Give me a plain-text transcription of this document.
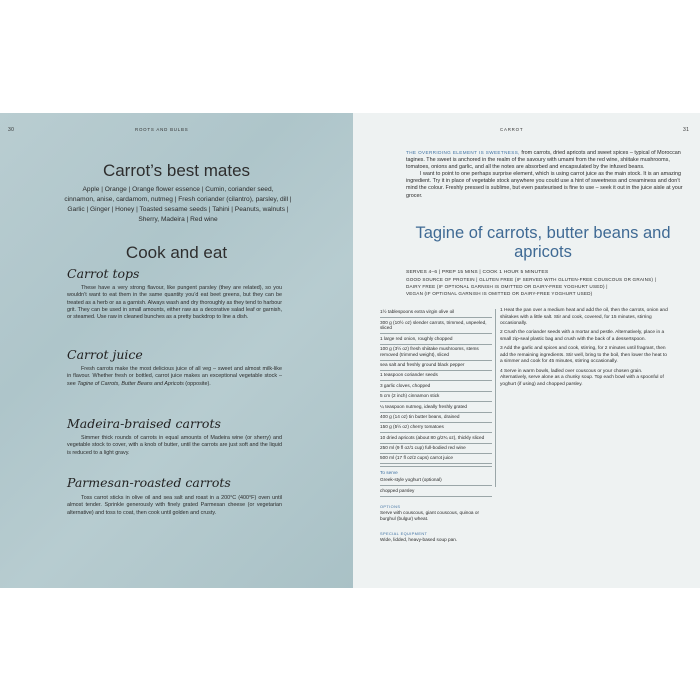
30	ROOTS AND BULBS
Carrot’s best mates
Apple | Orange | Orange flower essence | Cumin, coriander seed,
cinnamon, anise, cardamom, nutmeg | Fresh coriander (cilantro), parsley, dill |
Garlic | Ginger | Honey | Toasted sesame seeds | Tahini | Peanuts, walnuts |
Sherry, Madeira | Red wine
Cook and eat
Carrot tops
These have a very strong flavour, like pungent parsley (they are related), so you wouldn’t want to eat them in the same quantity you’d eat beet greens, but they can be treated as a herb or as a garnish. Always wash and dry thoroughly as they tend to harbour grit. They can be used in small amounts, either raw as a decorative salad leaf or garnish, or steamed. Use raw in cleaned bunches as a pretty backdrop to line a dish.
Carrot juice
Fresh carrots make the most delicious juice of all veg – sweet and almost milk-like in flavour. Whether fresh or bottled, carrot juice makes an exceptional vegetable stock – see Tagine of Carrots, Butter Beans and Apricots (opposite).
Madeira-braised carrots
Simmer thick rounds of carrots in equal amounts of Madeira wine (or sherry) and vegetable stock to cover, with a knob of butter, until the carrots are just soft and the liquid is reduced to a light gravy.
Parmesan-roasted carrots
Toss carrot sticks in olive oil and sea salt and roast in a 200°C (400°F) oven until almost tender. Sprinkle generously with finely grated Parmesan cheese (or vegetarian alternative) and toss to coat, then cook until golden and crusty.
CARROT	31
THE OVERRIDING ELEMENT IS SWEETNESS, from carrots, dried apricots and sweet spices – typical of Moroccan tagines. The sweet is anchored in the realm of the savoury with umami from the red wine, shiitake mushrooms, tomatoes, onions and garlic, and all the notes are absorbed and encapsulated by the infused beans.
I want to point to one perhaps surprise element, which is using carrot juice as the main stock. It is an amazing ingredient. Try it in place of vegetable stock anywhere you could use a hint of sweetness and creaminess and don’t mind the colour. Freshly pressed is sublime, but even pasteurised is fine to use – seek it out in the juice aisle at your grocer.
Tagine of carrots, butter beans and apricots
SERVES 4–6 | PREP 15 MINS | COOK 1 HOUR 5 MINUTES
GOOD SOURCE OF PROTEIN | GLUTEN FREE (IF SERVED WITH GLUTEN-FREE COUSCOUS OR GRAINS) |
DAIRY FREE (IF OPTIONAL GARNISH IS OMITTED OR DAIRY-FREE YOGHURT USED) |
VEGAN (IF OPTIONAL GARNISH IS OMITTED OR DAIRY-FREE YOGHURT USED)
1½ tablespoons extra virgin olive oil
300 g (10½ oz) slender carrots, trimmed, unpeeled, sliced
1 large red onion, roughly chopped
100 g (3½ oz) fresh shiitake mushrooms, stems removed (trimmed weight), sliced
sea salt and freshly ground black pepper
1 teaspoon coriander seeds
3 garlic cloves, chopped
5 cm (2 inch) cinnamon stick
¼ teaspoon nutmeg, ideally freshly grated
400 g (14 oz) tin butter beans, drained
150 g (5½ oz) cherry tomatoes
10 dried apricots (about 80 g/2¾ oz), thickly sliced
250 ml (9 fl oz/1 cup) full-bodied red wine
500 ml (17 fl oz/2 cups) carrot juice
To serve
Greek-style yoghurt (optional)
chopped parsley
OPTIONS
Serve with couscous, giant couscous, quinoa or burghul (bulgur) wheat.
SPECIAL EQUIPMENT
Wide, lidded, heavy-based soup pan.

1 Heat the pan over a medium heat and add the oil, then the carrots, onion and shiitakes with a little salt. Stir and cook, covered, for 15 minutes, stirring occasionally.

2 Crush the coriander seeds with a mortar and pestle. Alternatively, place in a small zip-seal plastic bag and crush with the back of a dessertspoon.

3 Add the garlic and spices and cook, stirring, for 2 minutes until fragrant, then add the remaining ingredients. Stir well, bring to the boil, then lower the heat to a simmer and cook for 45 minutes, stirring occasionally.

4 Serve in warm bowls, ladled over couscous or your chosen grain. Alternatively, serve alone as a chunky soup. Top each bowl with a spoonful of yoghurt (if using) and chopped parsley.
